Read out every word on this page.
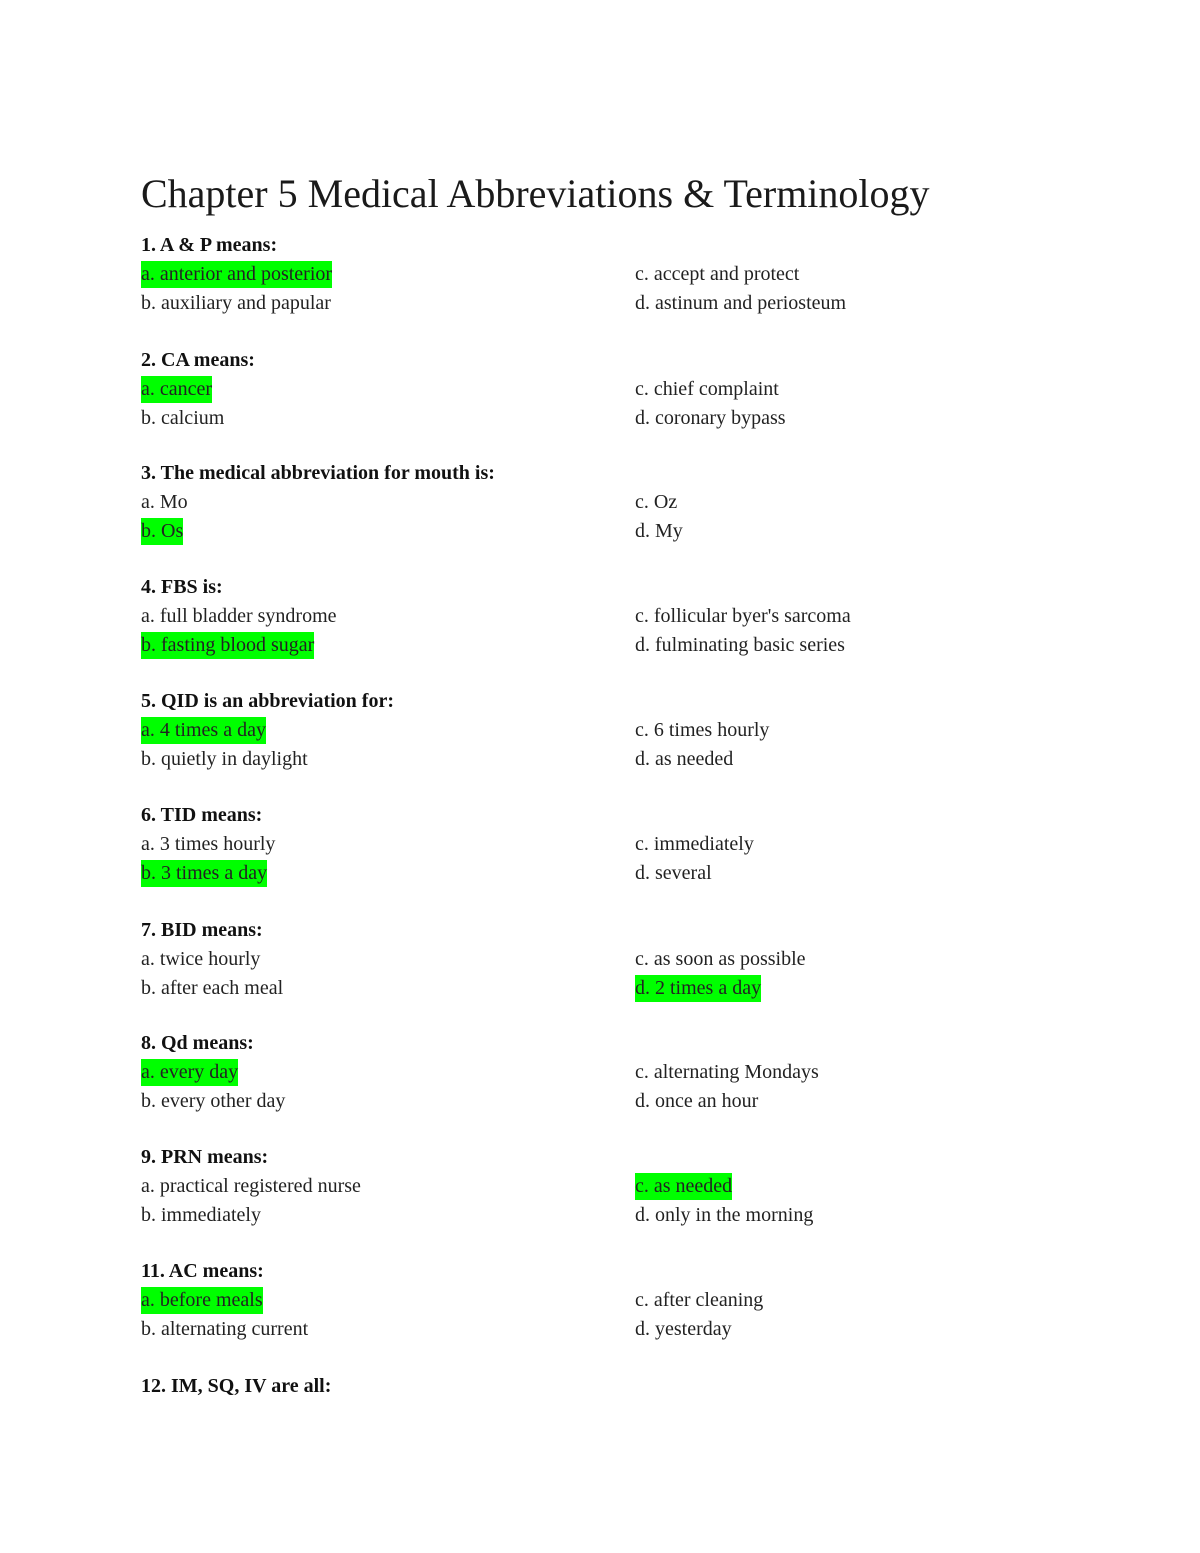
Chapter 5 Medical Abbreviations & Terminology
1. A & P means:
a. anterior and posterior	c. accept and protect
b. auxiliary and papular	d. astinum and periosteum
2. CA means:
a. cancer	c. chief complaint
b. calcium	d. coronary bypass
3. The medical abbreviation for mouth is:
a. Mo	c. Oz
b. Os	d. My
4. FBS is:
a. full bladder syndrome	c. follicular byer's sarcoma
b. fasting blood sugar	d. fulminating basic series
5. QID is an abbreviation for:
a. 4 times a day	c. 6 times hourly
b. quietly in daylight	d. as needed
6. TID means:
a. 3 times hourly	c. immediately
b. 3 times a day	d. several
7. BID means:
a. twice hourly	c. as soon as possible
b. after each meal	d. 2 times a day
8. Qd means:
a. every day	c. alternating Mondays
b. every other day	d. once an hour
9. PRN means:
a. practical registered nurse	c. as needed
b. immediately	d. only in the morning
11. AC means:
a. before meals	c. after cleaning
b. alternating current	d. yesterday
12. IM, SQ, IV are all:
